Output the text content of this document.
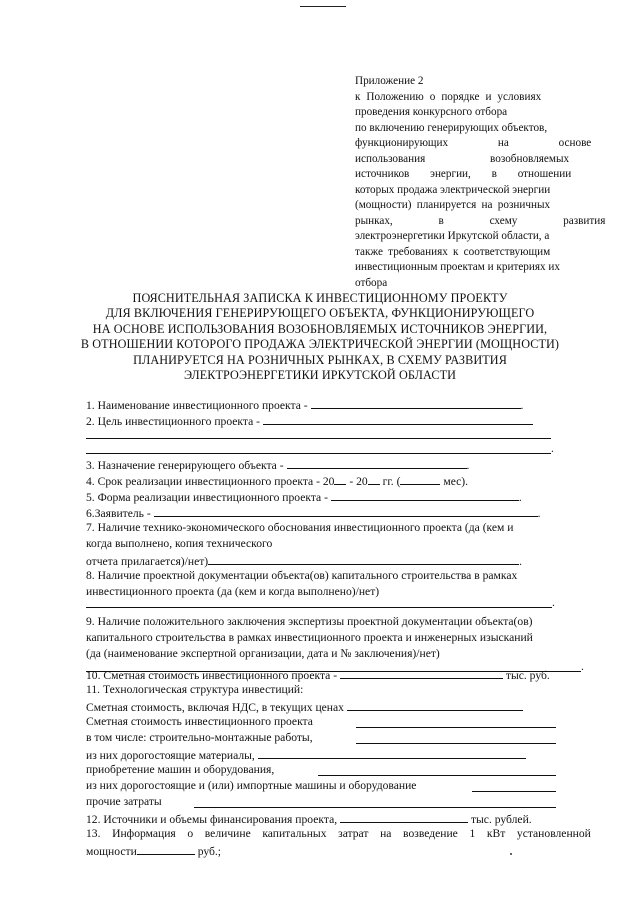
Приложение 2
к Положению о порядке и условиях
проведения конкурсного отбора
по включению генерирующих объектов,
функционирующих на основе
использования возобновляемых
источников энергии, в отношении
которых продажа электрической энергии
(мощности) планируется на розничных
рынках, в схему развития
электроэнергетики Иркутской области, а
также требованиях к соответствующим
инвестиционным проектам и критериях их
отбора
ПОЯСНИТЕЛЬНАЯ ЗАПИСКА К ИНВЕСТИЦИОННОМУ ПРОЕКТУ
ДЛЯ ВКЛЮЧЕНИЯ ГЕНЕРИРУЮЩЕГО ОБЪЕКТА, ФУНКЦИОНИРУЮЩЕГО
НА ОСНОВЕ ИСПОЛЬЗОВАНИЯ ВОЗОБНОВЛЯЕМЫХ ИСТОЧНИКОВ ЭНЕРГИИ,
В ОТНОШЕНИИ КОТОРОГО ПРОДАЖА ЭЛЕКТРИЧЕСКОЙ ЭНЕРГИИ (МОЩНОСТИ)
ПЛАНИРУЕТСЯ НА РОЗНИЧНЫХ РЫНКАХ, В СХЕМУ РАЗВИТИЯ
ЭЛЕКТРОЭНЕРГЕТИКИ ИРКУТСКОЙ ОБЛАСТИ
1. Наименование инвестиционного проекта -	.
2. Цель инвестиционного проекта -
.
3. Назначение генерирующего объекта -	.
4. Срок реализации инвестиционного проекта - 20 - 20 гг. (	мес).
5. Форма реализации инвестиционного проекта -	.
6.Заявитель -	.
7. Наличие технико-экономического обоснования инвестиционного проекта (да (кем и
когда выполнено, копия технического
отчета прилагается)/нет)	.
8. Наличие проектной документации объекта(ов) капитального строительства в рамках
инвестиционного проекта (да (кем и когда выполнено)/нет)
.
9. Наличие положительного заключения экспертизы проектной документации объекта(ов)
капитального строительства в рамках инвестиционного проекта и инженерных изысканий
(да (наименование экспертной организации, дата и № заключения)/нет)
.
10. Сметная стоимость инвестиционного проекта -	тыс. руб.
11. Технологическая структура инвестиций:
Сметная стоимость, включая НДС, в текущих ценах
Сметная стоимость инвестиционного проекта
в том числе: строительно-монтажные работы,
из них дорогостоящие материалы,
приобретение машин и оборудования,
из них дорогостоящие и (или) импортные машины и оборудование
прочие затраты
12. Источники и объемы финансирования проекта,	тыс. рублей.
13. Информация о величине капитальных затрат на возведение 1 кВт установленной
мощности	руб.;
